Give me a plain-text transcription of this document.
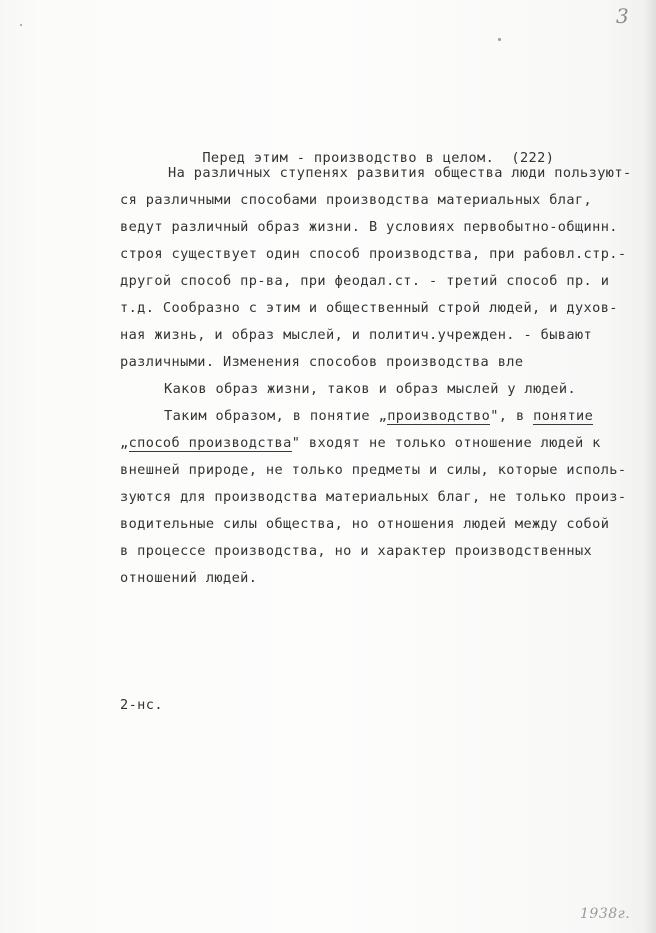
3

Перед этим - производство в целом. (222)

На различных ступенях развития общества люди пользуют-
ся различными способами производства материальных благ,
ведут различный образ жизни. В условиях первобытно-общинн.
строя существует один способ производства, при рабовл.стр.-
другой способ пр-ва, при феодал.ст. - третий способ пр. и
т.д. Сообразно с этим и общественный строй людей, и духов-
ная жизнь, и образ мыслей, и политич.учрежден. - бывают
различными. Изменения способов производства вле
Каков образ жизни, таков и образ мыслей у людей.
Таким образом, в понятие „производство", в понятие
„способ производства" входят не только отношение людей к
внешней природе, не только предметы и силы, которые исполь-
зуются для производства материальных благ, не только произ-
водительные силы общества, но отношения людей между собой
в процессе производства, но и характер производственных
отношений людей.
2-нс.
1938г.
